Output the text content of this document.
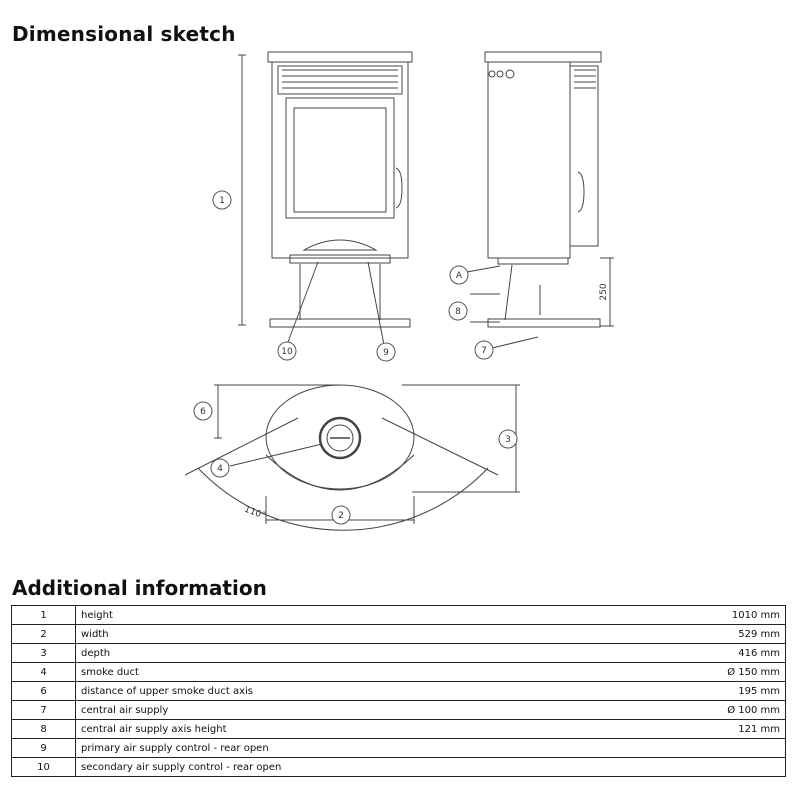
Dimensional sketch
1
10	9
A
8
7
6
3
4
2
250
110°
Additional information
1	height	1010 mm
2	width	529 mm
3	depth	416 mm
4	smoke duct	Ø 150 mm
6	distance of upper smoke duct axis	195 mm
7	central air supply	Ø 100 mm
8	central air supply axis height	121 mm
9	primary air supply control - rear open	
10	secondary air supply control - rear open	
